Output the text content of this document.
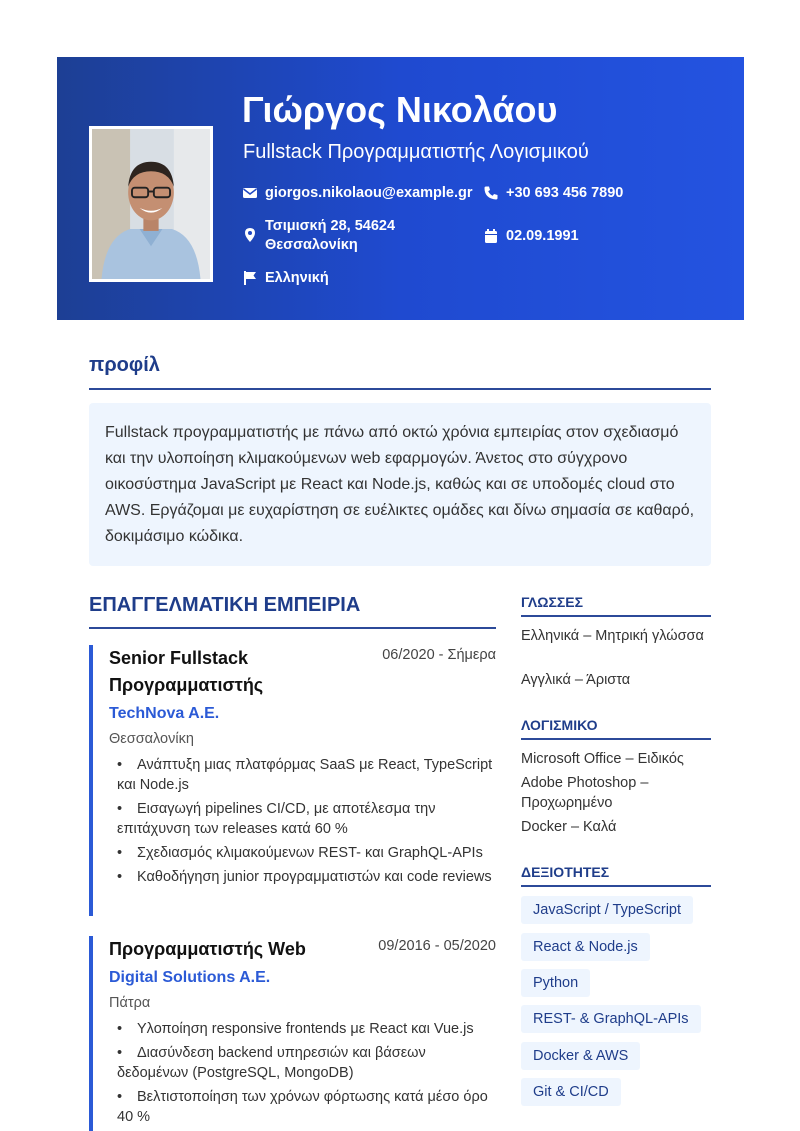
Γιώργος Νικολάου
Fullstack Προγραμματιστής Λογισμικού
giorgos.nikolaou@example.gr +30 693 456 7890
Τσιμισκή 28, 54624
Θεσσαλονίκη
02.09.1991
Ελληνική
προφίλ
Fullstack προγραμματιστής με πάνω από οκτώ χρόνια εμπειρίας στον σχεδιασμό και την υλοποίηση κλιμακούμενων web εφαρμογών. Άνετος στο σύγχρονο οικοσύστημα JavaScript με React και Node.js, καθώς και σε υποδομές cloud στο AWS. Εργάζομαι με ευχαρίστηση σε ευέλικτες ομάδες και δίνω σημασία σε καθαρό, δοκιμάσιμο κώδικα.
ΕΠΑΓΓΕΛΜΑΤΙΚΗ ΕΜΠΕΙΡΙΑ
06/2020 - Σήμερα
Senior Fullstack
Προγραμματιστής
TechNova A.E.
Θεσσαλονίκη
• Ανάπτυξη μιας πλατφόρμας SaaS με React, TypeScript και Node.js
• Εισαγωγή pipelines CI/CD, με αποτέλεσμα την επιτάχυνση των releases κατά 60 %
• Σχεδιασμός κλιμακούμενων REST- και GraphQL-APIs
• Καθοδήγηση junior προγραμματιστών και code reviews
09/2016 - 05/2020
Προγραμματιστής Web
Digital Solutions A.E.
Πάτρα
• Υλοποίηση responsive frontends με React και Vue.js
• Διασύνδεση backend υπηρεσιών και βάσεων δεδομένων (PostgreSQL, MongoDB)
• Βελτιστοποίηση των χρόνων φόρτωσης κατά μέσο όρο 40 %
ΓΛΩΣΣΕΣ
Ελληνικά – Μητρική γλώσσα
Αγγλικά – Άριστα
ΛΟΓΙΣΜΙΚΟ
Microsoft Office – Ειδικός
Adobe Photoshop – Προχωρημένο
Docker – Καλά
ΔΕΞΙΟΤΗΤΕΣ
JavaScript / TypeScript
React & Node.js
Python
REST- & GraphQL-APIs
Docker & AWS
Git & CI/CD
